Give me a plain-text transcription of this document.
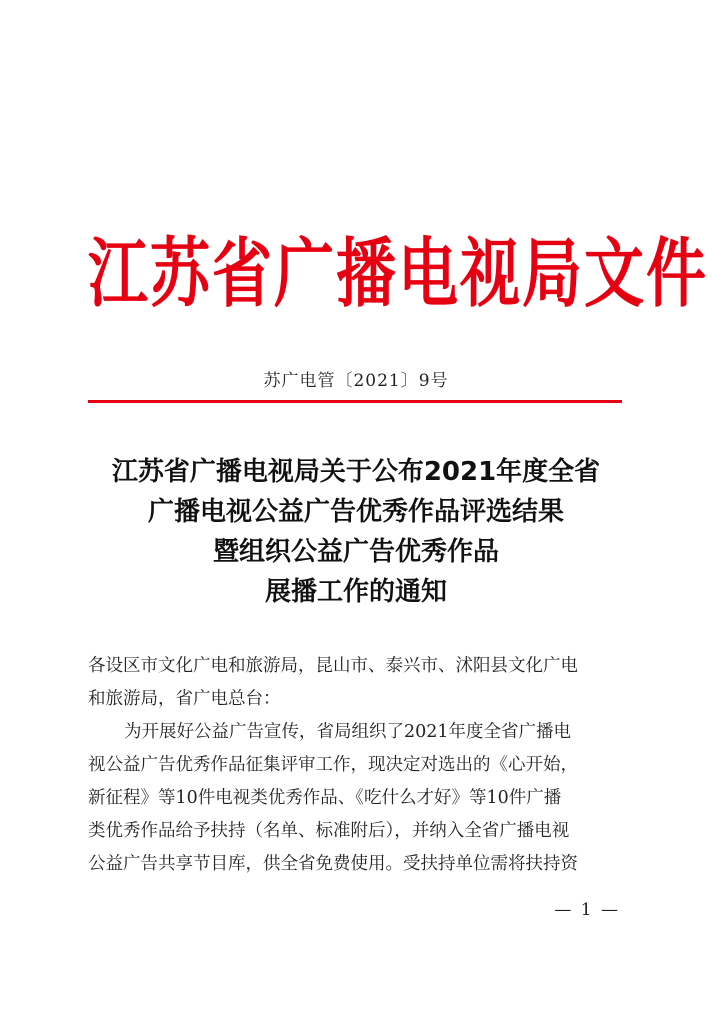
江苏省广播电视局文件
苏广电管〔2021〕9号
江苏省广播电视局关于公布2021年度全省
广播电视公益广告优秀作品评选结果
暨组织公益广告优秀作品
展播工作的通知
各设区市文化广电和旅游局，昆山市、泰兴市、沭阳县文化广电
和旅游局，省广电总台：
为开展好公益广告宣传，省局组织了2021年度全省广播电
视公益广告优秀作品征集评审工作，现决定对选出的《心开始，
新征程》等10件电视类优秀作品、《吃什么才好》等10件广播
类优秀作品给予扶持（名单、标准附后），并纳入全省广播电视
公益广告共享节目库，供全省免费使用。受扶持单位需将扶持资
— 1 —
